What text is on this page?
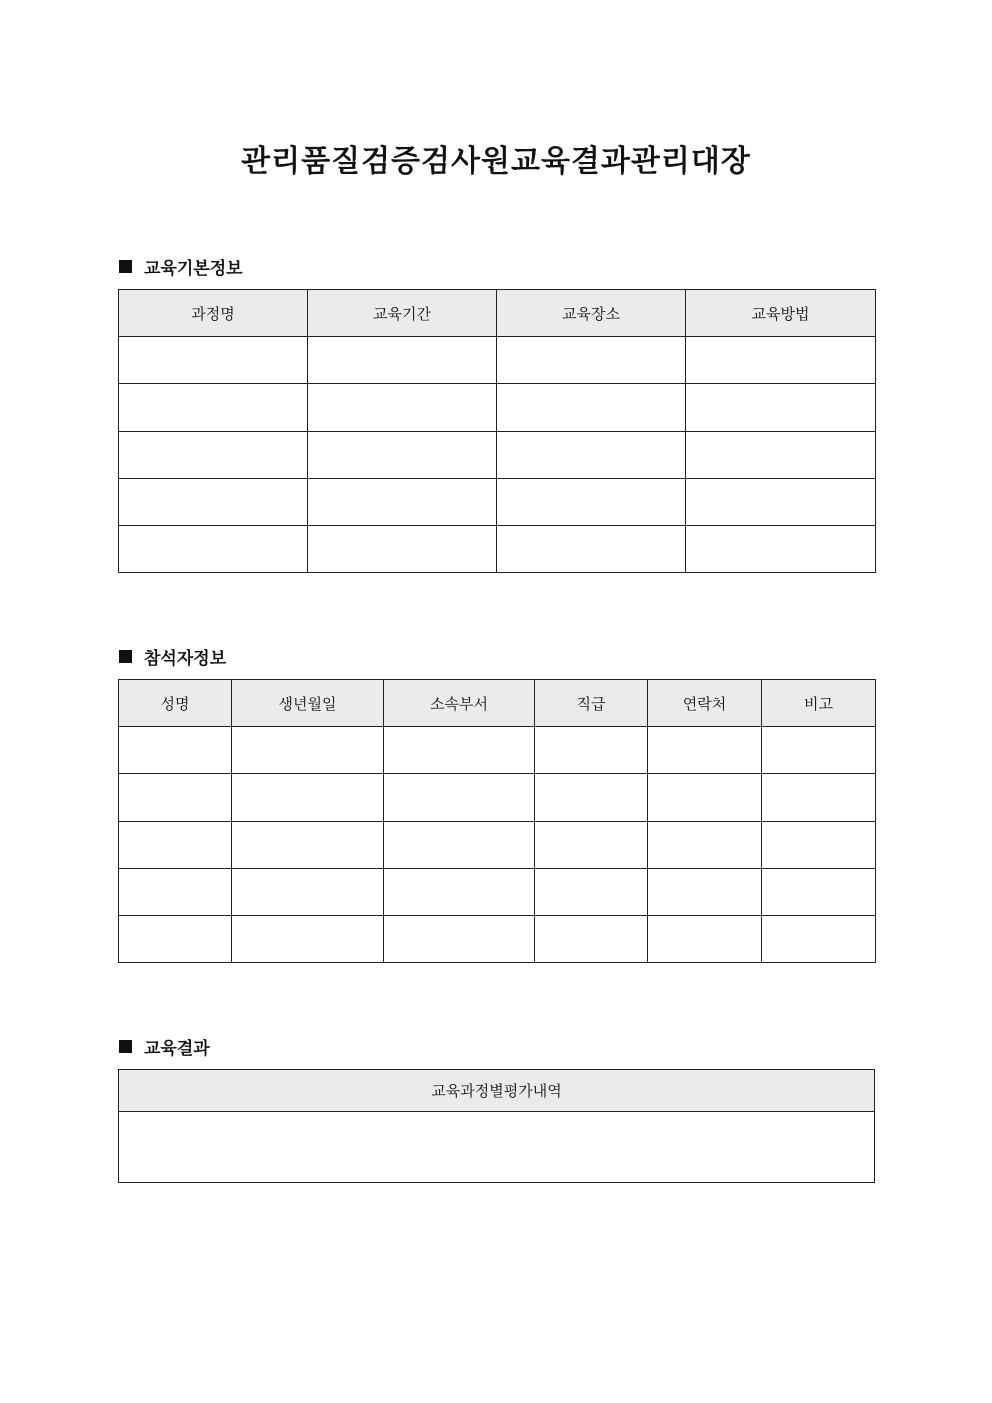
관리품질검증검사원교육결과관리대장
교육기본정보
과정명	교육기간	교육장소	교육방법

참석자정보
성명	생년월일	소속부서	직급	연락처	비고

교육결과
교육과정별평가내역
